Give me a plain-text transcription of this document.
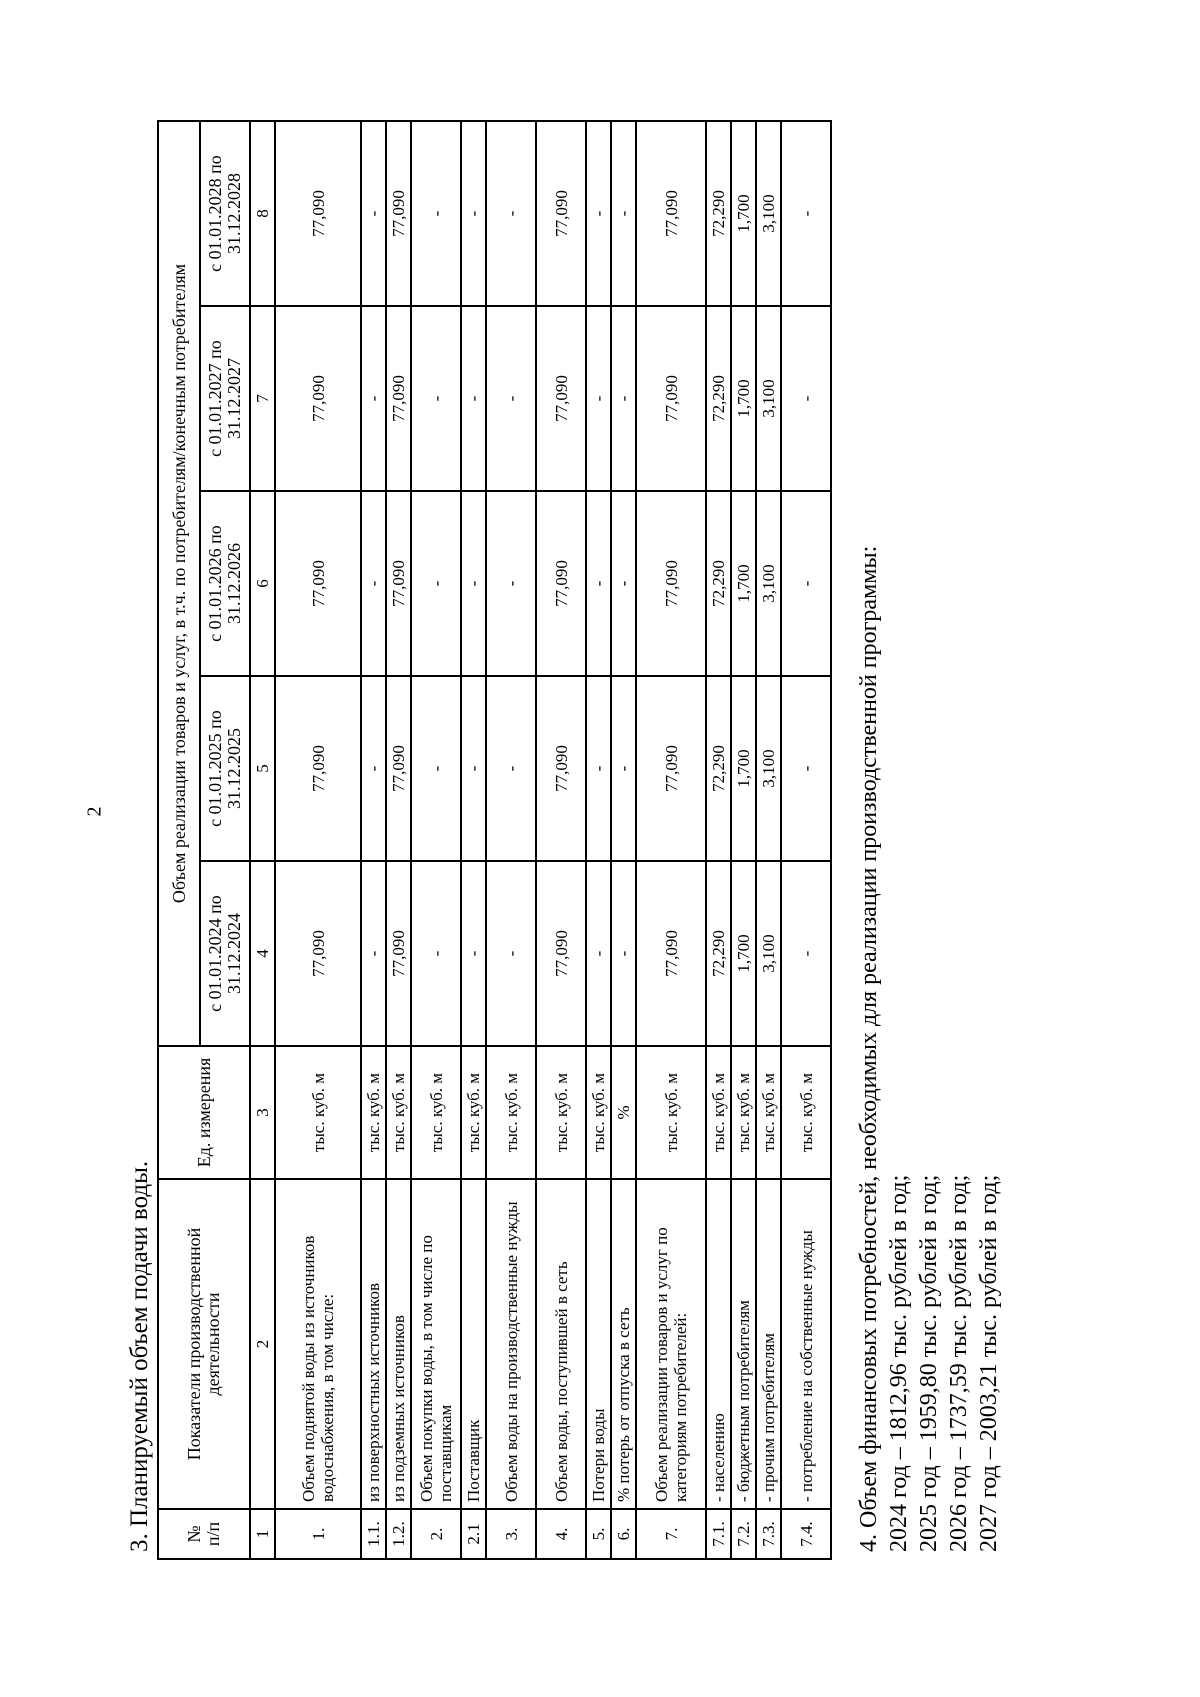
2
3. Планируемый объем подачи воды. № п/п	Показатели производственной деятельности	Ед. измерения	Объем реализации товаров и услуг, в т.ч. по потребителям/конечным потребителям				
			с 01.01.2024 по 31.12.2024	с 01.01.2025 по 31.12.2025	с 01.01.2026 по 31.12.2026	с 01.01.2027 по 31.12.2027	с 01.01.2028 по 31.12.2028
1	2	3	4	5	6	7	8
1.	Объем поднятой воды из источников водоснабжения, в том числе:	тыс. куб. м	77,090	77,090	77,090	77,090	77,090
1.1.	из поверхностных источников	тыс. куб. м	-	-	-	-	-
1.2.	из подземных источников	тыс. куб. м	77,090	77,090	77,090	77,090	77,090
2.	Объем покупки воды, в том числе по поставщикам	тыс. куб. м	-	-	-	-	-
2.1	Поставщик	тыс. куб. м	-	-	-	-	-
3.	Объем воды на производственные нужды	тыс. куб. м	-	-	-	-	-
4.	Объем воды, поступившей в сеть	тыс. куб. м	77,090	77,090	77,090	77,090	77,090
5.	Потери воды	тыс. куб. м	-	-	-	-	-
6.	% потерь от отпуска в сеть	%	-	-	-	-	-
7.	Объем реализации товаров и услуг по категориям потребителей:	тыс. куб. м	77,090	77,090	77,090	77,090	77,090
7.1.	- населению	тыс. куб. м	72,290	72,290	72,290	72,290	72,290
7.2.	- бюджетным потребителям	тыс. куб. м	1,700	1,700	1,700	1,700	1,700
7.3.	- прочим потребителям	тыс. куб. м	3,100	3,100	3,100	3,100	3,100
7.4.	- потребление на собственные нужды	тыс. куб. м	-	-	-	-	-
4. Объем финансовых потребностей, необходимых для реализации производственной программы: 2024 год – 1812,96 тыс. рублей в год; 2025 год – 1959,80 тыс. рублей в год; 2026 год – 1737,59 тыс. рублей в год; 2027 год – 2003,21 тыс. рублей в год;
